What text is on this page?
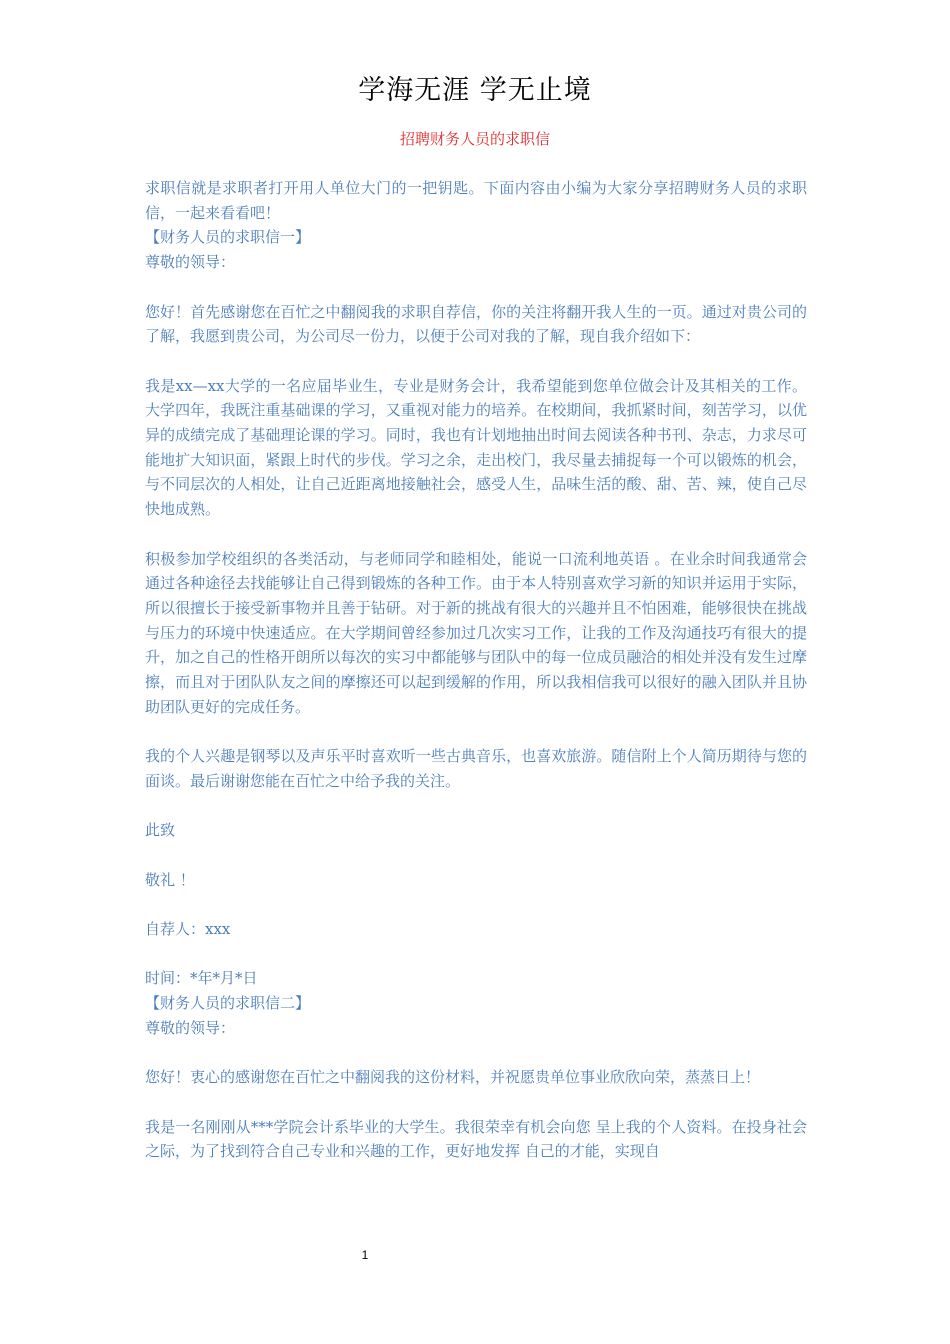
学海无涯 学无止境
招聘财务人员的求职信

求职信就是求职者打开用人单位大门的一把钥匙。下面内容由小编为大家分享招聘财务人员的求职信，一起来看看吧！

【财务人员的求职信一】

尊敬的领导：

您好！首先感谢您在百忙之中翻阅我的求职自荐信，你的关注将翻开我人生的一页。通过对贵公司的了解，我愿到贵公司，为公司尽一份力，以便于公司对我的了解，现自我介绍如下：

我是xx—xx大学的一名应届毕业生，专业是财务会计，我希望能到您单位做会计及其相关的工作。大学四年，我既注重基础课的学习，又重视对能力的培养。在校期间，我抓紧时间，刻苦学习，以优异的成绩完成了基础理论课的学习。同时，我也有计划地抽出时间去阅读各种书刊、杂志，力求尽可能地扩大知识面，紧跟上时代的步伐。学习之余，走出校门，我尽量去捕捉每一个可以锻炼的机会，与不同层次的人相处，让自己近距离地接触社会，感受人生，品味生活的酸、甜、苦、辣，使自己尽快地成熟。

积极参加学校组织的各类活动，与老师同学和睦相处，能说一口流利地英语 。在业余时间我通常会通过各种途径去找能够让自己得到锻炼的各种工作。由于本人特别喜欢学习新的知识并运用于实际，所以很擅长于接受新事物并且善于钻研。对于新的挑战有很大的兴趣并且不怕困难，能够很快在挑战与压力的环境中快速适应。在大学期间曾经参加过几次实习工作，让我的工作及沟通技巧有很大的提升，加之自己的性格开朗所以每次的实习中都能够与团队中的每一位成员融洽的相处并没有发生过摩擦，而且对于团队队友之间的摩擦还可以起到缓解的作用，所以我相信我可以很好的融入团队并且协助团队更好的完成任务。

我的个人兴趣是钢琴以及声乐平时喜欢听一些古典音乐，也喜欢旅游。随信附上个人简历期待与您的面谈。最后谢谢您能在百忙之中给予我的关注。

此致

敬礼 ！

自荐人：xxx

时间：*年*月*日

【财务人员的求职信二】

尊敬的领导：

您好！衷心的感谢您在百忙之中翻阅我的这份材料，并祝愿贵单位事业欣欣向荣，蒸蒸日上！

我是一名刚刚从***学院会计系毕业的大学生。我很荣幸有机会向您 呈上我的个人资料。在投身社会之际，为了找到符合自己专业和兴趣的工作，更好地发挥 自己的才能，实现自

1
